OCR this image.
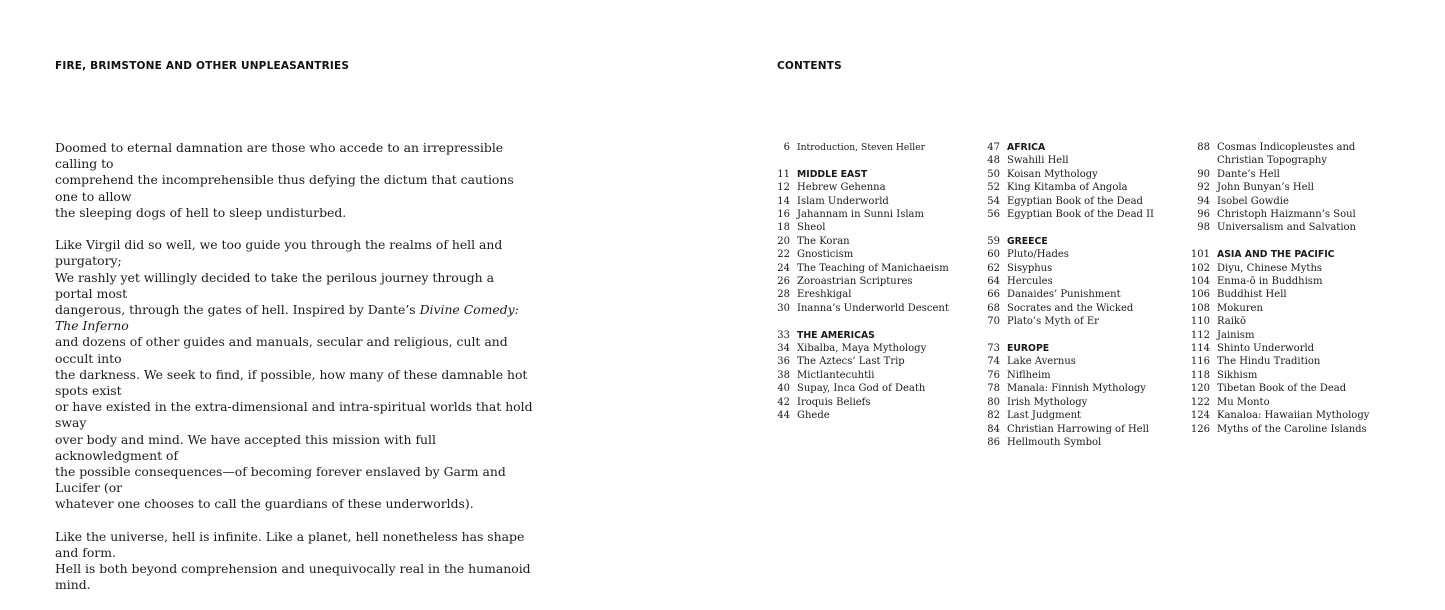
FIRE, BRIMSTONE AND OTHER UNPLEASANTRIES

Doomed to eternal damnation are those who accede to an irrepressible calling to
comprehend the incomprehensible thus defying the dictum that cautions one to allow
the sleeping dogs of hell to sleep undisturbed.

Like Virgil did so well, we too guide you through the realms of hell and purgatory;
We rashly yet willingly decided to take the perilous journey through a portal most
dangerous, through the gates of hell. Inspired by Dante’s Divine Comedy: The Inferno
and dozens of other guides and manuals, secular and religious, cult and occult into
the darkness. We seek to find, if possible, how many of these damnable hot spots exist
or have existed in the extra-dimensional and intra-spiritual worlds that hold sway
over body and mind. We have accepted this mission with full acknowledgment of
the possible consequences—of becoming forever enslaved by Garm and Lucifer (or
whatever one chooses to call the guardians of these underworlds).

Like the universe, hell is infinite. Like a planet, hell nonetheless has shape and form.
Hell is both beyond comprehension and unequivocally real in the humanoid mind.

CONTENTS
6 Introduction, Steven Heller
11 MIDDLE EAST
12 Hebrew Gehenna
14 Islam Underworld
16 Jahannam in Sunni Islam
18 Sheol
20 The Koran
22 Gnosticism
24 The Teaching of Manichaeism
26 Zoroastrian Scriptures
28 Ereshkigal
30 Inanna’s Underworld Descent
33 THE AMERICAS
34 Xibalba, Maya Mythology
36 The Aztecs’ Last Trip
38 Mictlantecuhtli
40 Supay, Inca God of Death
42 Iroquis Beliefs
44 Ghede
47 AFRICA
48 Swahili Hell
50 Koisan Mythology
52 King Kitamba of Angola
54 Egyptian Book of the Dead
56 Egyptian Book of the Dead II
59 GREECE
60 Pluto/Hades
62 Sisyphus
64 Hercules
66 Danaides’ Punishment
68 Socrates and the Wicked
70 Plato’s Myth of Er
73 EUROPE
74 Lake Avernus
76 Niflheim
78 Manala: Finnish Mythology
80 Irish Mythology
82 Last Judgment
84 Christian Harrowing of Hell
86 Hellmouth Symbol
88 Cosmas Indicopleustes and
Christian Topography
90 Dante’s Hell
92 John Bunyan’s Hell
94 Isobel Gowdie
96 Christoph Haizmann’s Soul
98 Universalism and Salvation
101 ASIA AND THE PACIFIC
102 Diyu, Chinese Myths
104 Enma-ō in Buddhism
106 Buddhist Hell
108 Mokuren
110 Raikō
112 Jainism
114 Shinto Underworld
116 The Hindu Tradition
118 Sikhism
120 Tibetan Book of the Dead
122 Mu Monto
124 Kanaloa: Hawaiian Mythology
126 Myths of the Caroline Islands
